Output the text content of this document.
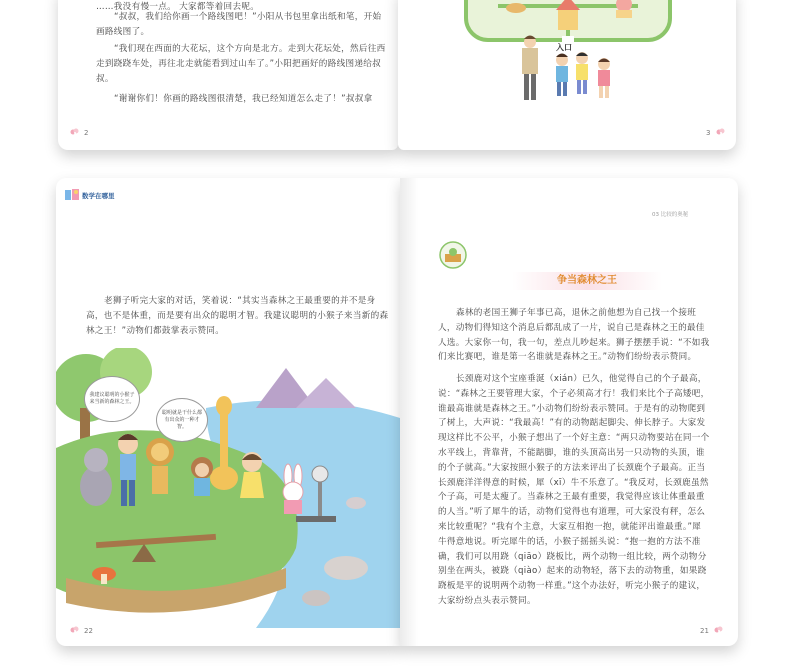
……我没有慢一点。 大家都等着回去呢。
“叔叔，我们给你画一个路线图吧！”小阳从书包里拿出纸和笔，开始画路线图了。
“我们现在西面的大花坛，这个方向是北方。走到大花坛处，然后往西走到跷跷车处，再往北走就能看到过山车了。”小阳把画好的路线图递给叔叔。
“谢谢你们！你画的路线图很清楚，我已经知道怎么走了！”叔叔拿
2
入口
3
数学在哪里
老狮子听完大家的对话，笑着说：“其实当森林之王最重要的并不是身高，也不是体重，而是要有出众的聪明才智。我建议聪明的小猴子来当新的森林之王！”动物们都鼓掌表示赞同。
我建议聪明的小猴子来当新的森林之王。
聪明就是干什么都有出众的一种才智。
22
03 比较的奥秘
争当森林之王
森林的老国王狮子年事已高，退休之前他想为自己找一个接班人，动物们得知这个消息后都乱成了一片，说自己是森林之王的最佳人选。大家你一句，我一句，差点儿吵起来。狮子摆摆手说：“不如我们来比赛吧，谁是第一名谁就是森林之王。”动物们纷纷表示赞同。
长颈鹿对这个宝座垂涎（xián）已久，他觉得自己的个子最高，说：“森林之王要管理大家，个子必须高才行！我们来比个子高矮吧，谁最高谁就是森林之王。”小动物们纷纷表示赞同。于是有的动物爬到了树上，大声说：“我最高！”有的动物踮起脚尖、伸长脖子。大家发现这样比不公平，小猴子想出了一个好主意：“两只动物要站在同一个水平线上，背靠背，不能踮脚，谁的头顶高出另一只动物的头顶，谁的个子就高。”大家按照小猴子的方法来评出了长颈鹿个子最高。正当长颈鹿洋洋得意的时候，犀（xī）牛不乐意了。“我反对，长颈鹿虽然个子高，可是太瘦了。当森林之王最有重要，我觉得应该让体重最重的人当。”听了犀牛的话，动物们觉得也有道理，可大家没有秤，怎么来比较重呢？“我有个主意，大家互相抱一抱，就能评出谁最重。”犀牛得意地说。听完犀牛的话，小猴子摇摇头说：“抱一抱的方法不准确，我们可以用跷（qiāo）跷板比，两个动物一组比较，两个动物分别坐在两头，被跷（qiào）起来的动物轻，落下去的动物重，如果跷跷板是平的说明两个动物一样重。”这个办法好，听完小猴子的建议，大家纷纷点头表示赞同。
21
